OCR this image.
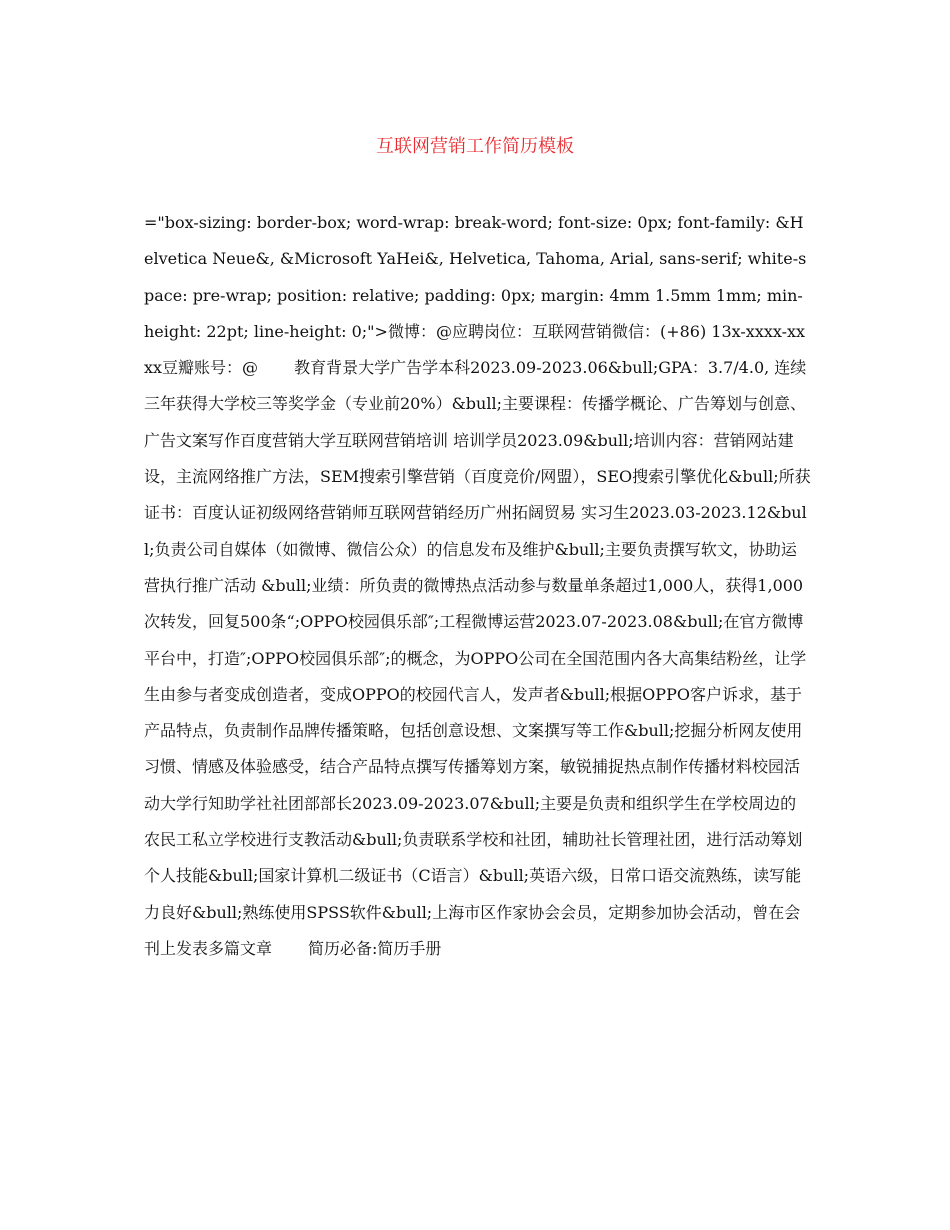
互联网营销工作简历模板
="box-sizing: border-box; word-wrap: break-word; font-size: 0px; font-family: &Helvetica Neue&, &Microsoft YaHei&, Helvetica, Tahoma, Arial, sans-serif; white-space: pre-wrap; position: relative; padding: 0px; margin: 4mm 1.5mm 1mm; min-height: 22pt; line-height: 0;">微博：@应聘岗位：互联网营销微信：(+86) 13x-xxxx-xxxx豆瓣账号：@ 教育背景大学广告学本科2023.09-2023.06&bull;GPA：3.7/4.0, 连续三年获得大学校三等奖学金（专业前20%）&bull;主要课程：传播学概论、广告筹划与创意、广告文案写作百度营销大学互联网营销培训 培训学员2023.09&bull;培训内容：营销网站建设，主流网络推广方法，SEM搜索引擎营销（百度竞价/网盟），SEO搜索引擎优化&bull;所获证书：百度认证初级网络营销师互联网营销经历广州拓阔贸易 实习生2023.03-2023.12&bull;负责公司自媒体（如微博、微信公众）的信息发布及维护&bull;主要负责撰写软文，协助运营执行推广活动 &bull;业绩：所负责的微博热点活动参与数量单条超过1,000人，获得1,000次转发，回复500条“;OPPO校园俱乐部″;工程微博运营2023.07-2023.08&bull;在官方微博平台中，打造″;OPPO校园俱乐部″;的概念，为OPPO公司在全国范围内各大高集结粉丝，让学生由参与者变成创造者，变成OPPO的校园代言人，发声者&bull;根据OPPO客户诉求，基于产品特点，负责制作品牌传播策略，包括创意设想、文案撰写等工作&bull;挖掘分析网友使用习惯、情感及体验感受，结合产品特点撰写传播筹划方案，敏锐捕捉热点制作传播材料校园活动大学行知助学社社团部部长2023.09-2023.07&bull;主要是负责和组织学生在学校周边的农民工私立学校进行支教活动&bull;负责联系学校和社团，辅助社长管理社团，进行活动筹划个人技能&bull;国家计算机二级证书（C语言）&bull;英语六级，日常口语交流熟练，读写能力良好&bull;熟练使用SPSS软件&bull;上海市区作家协会会员，定期参加协会活动，曾在会刊上发表多篇文章 简历必备:简历手册
